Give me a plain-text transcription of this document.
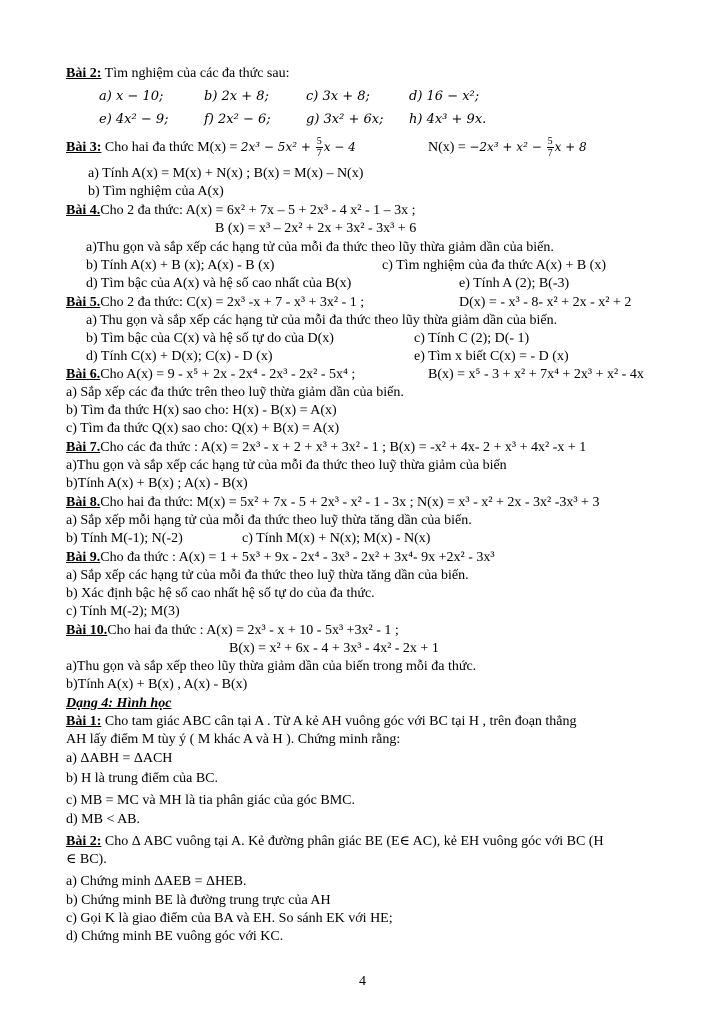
Bài 2: Tìm nghiệm của các đa thức sau:
a) x − 10;	b) 2x + 8;	c) 3x + 8;	d) 16 − x²;
e) 4x² − 9;	f) 2x² − 6;	g) 3x² + 6x; h) 4x³ + 9x.
Bài 3: Cho hai đa thức $M(x) = 2x^3 - 5x^2 + \frac{5}{7}$ x − 4	$N(x) = -2x^3 + x^2 - \frac{5}{7}$ x + 8
a) Tính A(x) = M(x) + N(x) ; B(x) = M(x) – N(x)
b) Tìm nghiệm của A(x)
Bài 4.Cho 2 đa thức: A(x) = 6x² + 7x – 5 + 2x³ - 4 x² - 1 – 3x ;
B (x) = x³ – 2x² + 2x + 3x² - 3x³ + 6
a)Thu gọn và sắp xếp các hạng tử của mỗi đa thức theo lũy thừa giảm dần của biến.
b) Tính A(x) + B (x); A(x) - B (x)	c) Tìm nghiệm của đa thức A(x) + B (x)
d) Tìm bậc của A(x) và hệ số cao nhất của B(x)	e) Tính A (2); B(-3)
Bài 5.Cho 2 đa thức: C(x) = 2x³ -x + 7 - x³ + 3x² - 1 ;	D(x) = - x³ - 8- x² + 2x - x² + 2
a) Thu gọn và sắp xếp các hạng tử của mỗi đa thức theo lũy thừa giảm dần của biến.
b) Tìm bậc của C(x) và hệ số tự do của D(x)	c) Tính C (2); D(- 1)
d) Tính C(x) + D(x); C(x) - D (x)	e) Tìm x biết C(x) = - D (x)
Bài 6.Cho A(x) = 9 - x⁵ + 2x - 2x⁴ - 2x³ - 2x² - 5x⁴ ;	B(x) = x⁵ - 3 + x² + 7x⁴ + 2x³ + x² - 4x
a) Sắp xếp các đa thức trên theo luỹ thừa giảm dần của biến.
b) Tìm đa thức H(x) sao cho: H(x) - B(x) = A(x)
c) Tìm đa thức Q(x) sao cho: Q(x) + B(x) = A(x)
Bài 7.Cho các đa thức : A(x) = 2x³ - x + 2 + x³ + 3x² - 1 ; B(x) = -x² + 4x- 2 + x³ + 4x² -x + 1
a)Thu gọn và sắp xếp các hạng tử của mỗi đa thức theo luỹ thừa giảm của biến
b)Tính A(x) + B(x) ; A(x) - B(x)
Bài 8.Cho hai đa thức: M(x) = 5x² + 7x - 5 + 2x³ - x² - 1 - 3x ; N(x) = x³ - x² + 2x - 3x² -3x³ + 3
a) Sắp xếp mỗi hạng tử của mỗi đa thức theo luỹ thừa tăng dần của biến.
b) Tính M(-1); N(-2)	c) Tính M(x) + N(x); M(x) - N(x)
Bài 9.Cho đa thức : A(x) = 1 + 5x³ + 9x - 2x⁴ - 3x³ - 2x² + 3x⁴- 9x +2x² - 3x³
a) Sắp xếp các hạng tử của mỗi đa thức theo luỹ thừa tăng dần của biến.
b) Xác định bậc hệ số cao nhất hệ số tự do của đa thức.
c) Tính M(-2); M(3)
Bài 10.Cho hai đa thức : A(x) = 2x³ - x + 10 - 5x³ +3x² - 1 ;
B(x) = x² + 6x - 4 + 3x³ - 4x² - 2x + 1
a)Thu gọn và sắp xếp theo lũy thừa giảm dần của biến trong mỗi đa thức.
b)Tính A(x) + B(x) , A(x) - B(x)
Dạng 4: Hình học
Bài 1: Cho tam giác ABC cân tại A . Từ A kẻ AH vuông góc với BC tại H , trên đoạn thẳng
AH lấy điểm M tùy ý ( M khác A và H ). Chứng minh rằng:
a) ΔABH = ΔACH
b) H là trung điểm của BC.
c) MB = MC và MH là tia phân giác của góc BMC.
d) MB < AB.
Bài 2: Cho Δ ABC vuông tại A. Kẻ đường phân giác BE (E∈ AC), kẻ EH vuông góc với BC (H
∈ BC).
a) Chứng minh ΔAEB = ΔHEB.
b) Chứng minh BE là đường trung trực của AH
c) Gọi K là giao điểm của BA và EH. So sánh EK với HE;
d) Chứng minh BE vuông góc với KC.
4
